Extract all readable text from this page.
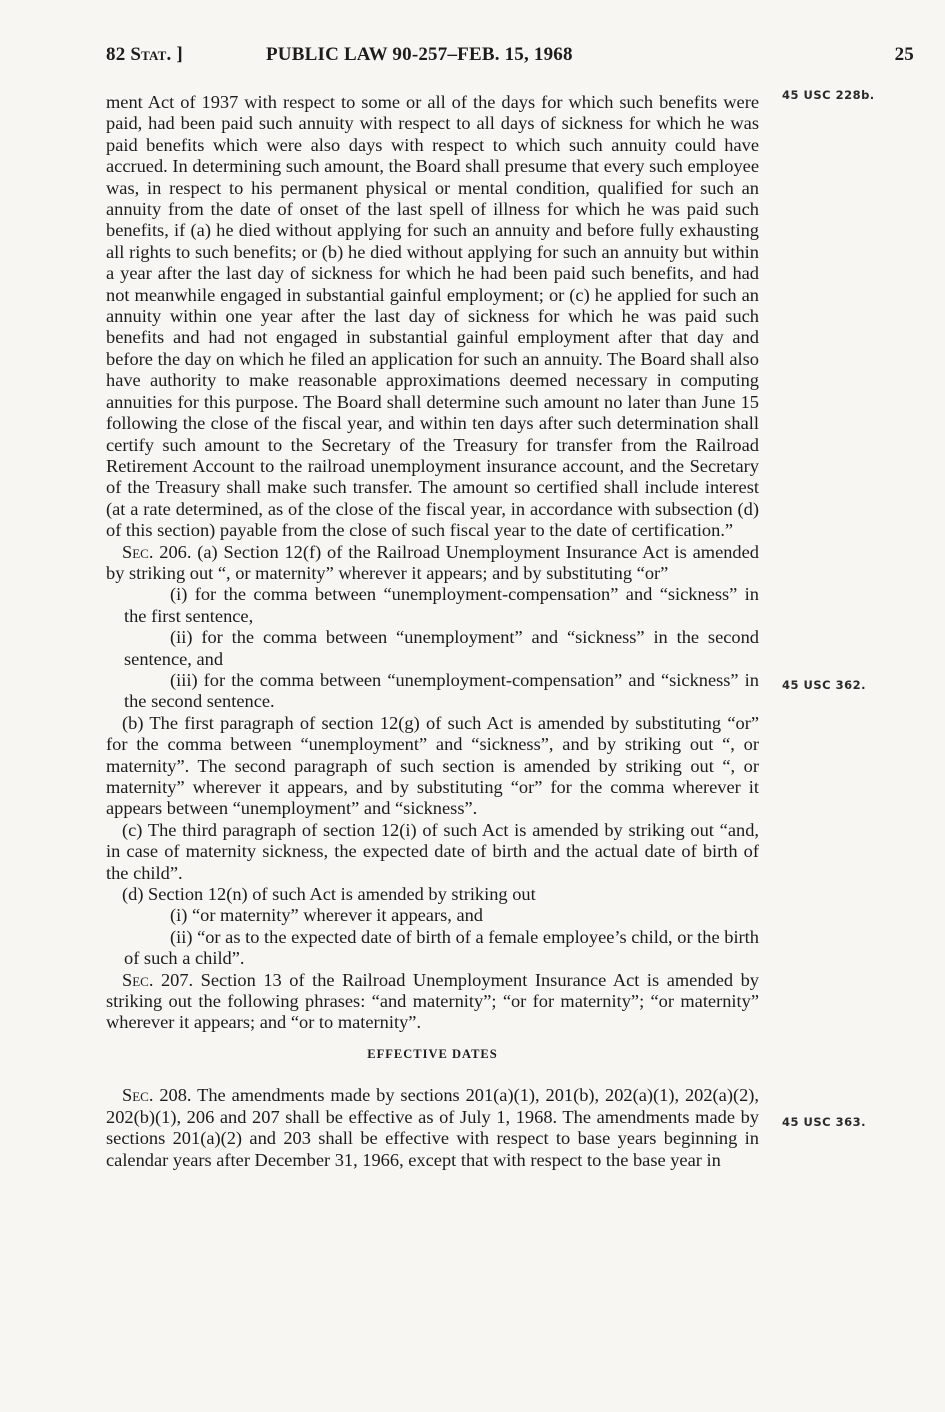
82 Stat. ]	PUBLIC LAW 90-257–FEB. 15, 1968	25
45 USC 228b.
45 USC 362.
45 USC 363.

ment Act of 1937 with respect to some or all of the days for which such benefits were paid, had been paid such annuity with respect to all days of sickness for which he was paid benefits which were also days with respect to which such annuity could have accrued. In determining such amount, the Board shall presume that every such employee was, in respect to his permanent physical or mental condition, qualified for such an annuity from the date of onset of the last spell of illness for which he was paid such benefits, if (a) he died without applying for such an annuity and before fully exhausting all rights to such benefits; or (b) he died without applying for such an annuity but within a year after the last day of sickness for which he had been paid such benefits, and had not meanwhile engaged in substantial gainful employment; or (c) he applied for such an annuity within one year after the last day of sickness for which he was paid such benefits and had not engaged in substantial gainful employment after that day and before the day on which he filed an application for such an annuity. The Board shall also have authority to make reasonable approximations deemed necessary in computing annuities for this purpose. The Board shall determine such amount no later than June 15 following the close of the fiscal year, and within ten days after such determination shall certify such amount to the Secretary of the Treasury for transfer from the Railroad Retirement Account to the railroad unemployment insurance account, and the Secretary of the Treasury shall make such transfer. The amount so certified shall include interest (at a rate determined, as of the close of the fiscal year, in accordance with subsection (d) of this section) payable from the close of such fiscal year to the date of certification.”

Sec. 206. (a) Section 12(f) of the Railroad Unemployment Insurance Act is amended by striking out “, or maternity” wherever it appears; and by substituting “or”

(i) for the comma between “unemployment-compensation” and “sickness” in the first sentence,

(ii) for the comma between “unemployment” and “sickness” in the second sentence, and

(iii) for the comma between “unemployment-compensation” and “sickness” in the second sentence.

(b) The first paragraph of section 12(g) of such Act is amended by substituting “or” for the comma between “unemployment” and “sickness”, and by striking out “, or maternity”. The second paragraph of such section is amended by striking out “, or maternity” wherever it appears, and by substituting “or” for the comma wherever it appears between “unemployment” and “sickness”.

(c) The third paragraph of section 12(i) of such Act is amended by striking out “and, in case of maternity sickness, the expected date of birth and the actual date of birth of the child”.

(d) Section 12(n) of such Act is amended by striking out

(i) “or maternity” wherever it appears, and

(ii) “or as to the expected date of birth of a female employee’s child, or the birth of such a child”.

Sec. 207. Section 13 of the Railroad Unemployment Insurance Act is amended by striking out the following phrases: “and maternity”; “or for maternity”; “or maternity” wherever it appears; and “or to maternity”.

EFFECTIVE DATES

Sec. 208. The amendments made by sections 201(a)(1), 201(b), 202(a)(1), 202(a)(2), 202(b)(1), 206 and 207 shall be effective as of July 1, 1968. The amendments made by sections 201(a)(2) and 203 shall be effective with respect to base years beginning in calendar years after December 31, 1966, except that with respect to the base year in
